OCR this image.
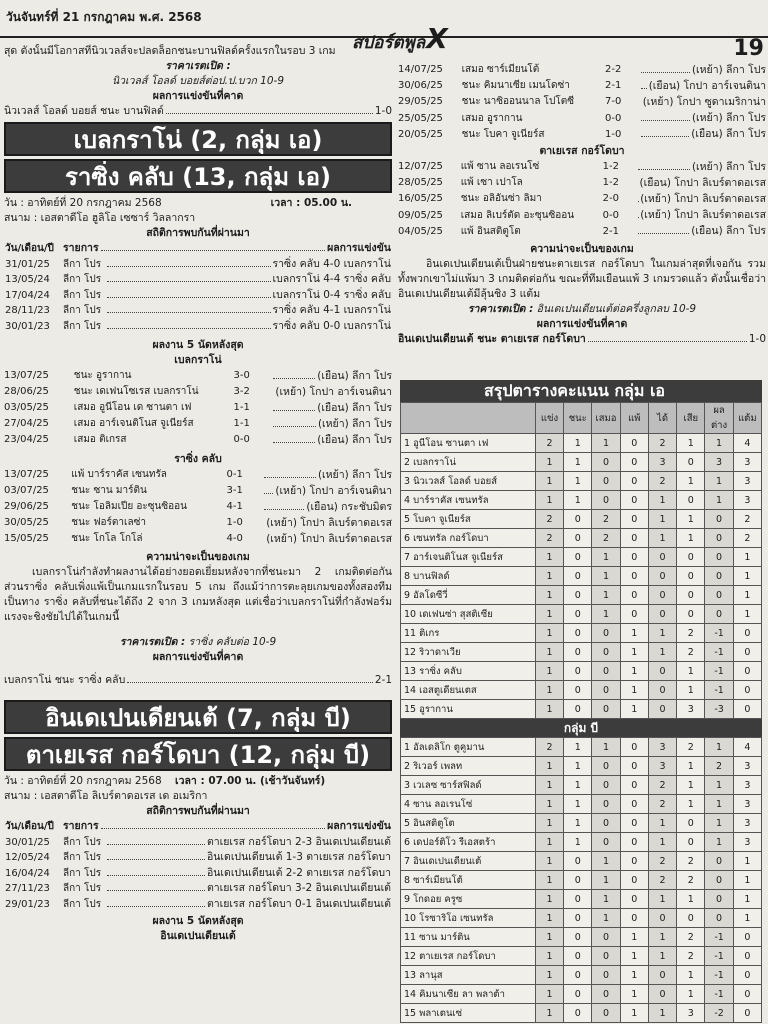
วันจันทร์ที่ 21 กรกฎาคม พ.ศ. 2568
สปอร์ตพูลX	19
สุด ดังนั้นมีโอกาสที่นิวเวลส์จะปลดล็อกชนะบานฟิลด์ครั้งแรกในรอบ 3 เกม
ราคาเรตเปิด :
นิวเวลส์ โอลด์ บอยส์ต่อป.ป.บวก 10-9
ผลการแข่งขันที่คาด
นิวเวลส์ โอลด์ บอยส์ ชนะ บานฟิลด์	1-0
เบลกราโน่ (2, กลุ่ม เอ)
ราซิ่ง คลับ (13, กลุ่ม เอ)
วัน : อาทิตย์ที่ 20 กรกฎาคม 2568	เวลา : 05.00 น.
สนาม : เอสตาดีโอ ฮูลิโอ เซซาร์ วิลลากรา
สถิติการพบกันที่ผ่านมา
วัน/เดือน/ปี	รายการ ผลการแข่งขัน	

31/01/25	ลีกา โปร	ราซิ่ง คลับ 4-0 เบลกราโน่

13/05/24	ลีกา โปร	เบลกราโน่ 4-4 ราซิ่ง คลับ

17/04/24	ลีกา โปร	เบลกราโน่ 0-4 ราซิ่ง คลับ

28/11/23	ลีกา โปร	ราซิ่ง คลับ 4-1 เบลกราโน่

30/01/23	ลีกา โปร	ราซิ่ง คลับ 0-0 เบลกราโน่
ผลงาน 5 นัดหลังสุด
เบลกราโน่
13/07/25	ชนะ อูรากาน	3-0	(เยือน) ลีกา โปร

28/06/25	ชนะ เดเฟนโซเรส เบลกราโน่	3-2	(เหย้า) โกปา อาร์เจนตินา

03/05/25	เสมอ อูนีโอน เด ซานตา เฟ	1-1	(เยือน) ลีกา โปร

27/04/25	เสมอ อาร์เจนติโนส จูเนียร์ส	1-1	(เหย้า) ลีกา โปร

23/04/25	เสมอ ติเกรส	0-0	(เยือน) ลีกา โปร
ราซิ่ง คลับ
13/07/25	แพ้ บาร์ราคัส เซนทรัล	0-1	(เหย้า) ลีกา โปร

03/07/25	ชนะ ซาน มาร์ติน	3-1	(เหย้า) โกปา อาร์เจนตินา

29/06/25	ชนะ โอลิมเปีย อะซุนซิออน	4-1	(เยือน) กระชับมิตร

30/05/25	ชนะ ฟอร์ตาเลซ่า	1-0	(เหย้า) โกปา ลิเบร์ตาดอเรส

15/05/25	ชนะ โกโล โกโล่	4-0	(เหย้า) โกปา ลิเบร์ตาดอเรส
ความน่าจะเป็นของเกม
เบลกราโน่กำลังทำผลงานได้อย่างยอดเยี่ยมหลังจากที่ชนะมา 2 เกมติดต่อกัน ส่วนราซิ่ง คลับเพิ่งแพ้เป็นเกมแรกในรอบ 5 เกม ถึงแม้ว่าการตะลุยเกมของทั้งสองทีมเป็นทาง ราซิ่ง คลับที่ชนะได้ถึง 2 จาก 3 เกมหลังสุด แต่เชื่อว่าเบลกราโน่ที่กำลังฟอร์มแรงจะชิงชัยไปได้ในเกมนี้
ราคาเรตเปิด : ราซิ่ง คลับต่อ 10-9
ผลการแข่งขันที่คาด
เบลกราโน่ ชนะ ราซิ่ง คลับ	2-1
อินเดเปนเดียนเต้ (7, กลุ่ม บี)
ตาเยเรส กอร์โดบา (12, กลุ่ม บี)
วัน : อาทิตย์ที่ 20 กรกฎาคม 2568 เวลา : 07.00 น. (เช้าวันจันทร์)
สนาม : เอสตาดีโอ ลิเบร์ตาดอเรส เด อเมริกา
สถิติการพบกันที่ผ่านมา
วัน/เดือน/ปี	รายการ ผลการแข่งขัน	

30/01/25	ลีกา โปร	ตาเยเรส กอร์โดบา 2-3 อินเดเปนเดียนเต้

12/05/24	ลีกา โปร	อินเดเปนเดียนเต้ 1-3 ตาเยเรส กอร์โดบา

16/04/24	ลีกา โปร	อินเดเปนเดียนเต้ 2-2 ตาเยเรส กอร์โดบา

27/11/23	ลีกา โปร	ตาเยเรส กอร์โดบา 3-2 อินเดเปนเดียนเต้

29/01/23	ลีกา โปร	ตาเยเรส กอร์โดบา 0-1 อินเดเปนเดียนเต้
ผลงาน 5 นัดหลังสุด
อินเดเปนเดียนเต้
14/07/25	เสมอ ซาร์เมียนโต้	2-2	(เหย้า) ลีกา โปร

30/06/25	ชนะ คิมนาเซีย เมนโดซ่า	2-1	(เยือน) โกปา อาร์เจนตินา

29/05/25	ชนะ นาซิออนนาล โปโตซี	7-0	(เหย้า) โกปา ซูดาเมริกาน่า

25/05/25	เสมอ อูรากาน	0-0	(เหย้า) ลีกา โปร

20/05/25	ชนะ โบคา จูเนียร์ส	1-0	(เยือน) ลีกา โปร
ตาเยเรส กอร์โดบา
12/07/25	แพ้ ซาน ลอเรนโซ่	1-2	(เหย้า) ลีกา โปร

28/05/25	แพ้ เซา เปาโล	1-2	(เยือน) โกปา ลิเบร์ตาดอเรส

16/05/25	ชนะ อลิอันซ่า ลิมา	2-0	(เหย้า) โกปา ลิเบร์ตาดอเรส

09/05/25	เสมอ ลิเบร์ตัด อะซุนซิออน	0-0	(เหย้า) โกปา ลิเบร์ตาดอเรส

04/05/25	แพ้ อินสติตูโต	2-1	(เยือน) ลีกา โปร
ความน่าจะเป็นของเกม
อินเดเปนเดียนเต้เป็นฝ่ายชนะตาเยเรส กอร์โดบา ในเกมล่าสุดที่เจอกัน รวมทั้งพวกเขาไม่แพ้มา 3 เกมติดต่อกัน ขณะที่ทีมเยือนแพ้ 3 เกมรวดแล้ว ดังนั้นเชื่อว่าอินเดเปนเดียนเต้มีลุ้นชิง 3 แต้ม
ราคาเรตเปิด : อินเดเปนเดียนเต้ต่อครึ่งลูกลบ 10-9
ผลการแข่งขันที่คาด
อินเดเปนเดียนเต้ ชนะ ตาเยเรส กอร์โดบา	1-0
สรุปตารางคะแนน กลุ่ม เอ
	แข่ง	ชนะ	เสมอ	แพ้	ได้	เสีย	ผลต่าง	แต้ม
1 อูนีโอน ซานตา เฟ	2	1	1	0	2	1	1	4
2 เบลกราโน่	1	1	0	0	3	0	3	3
3 นิวเวลส์ โอลด์ บอยส์	1	1	0	0	2	1	1	3
4 บาร์ราคัส เซนทรัล	1	1	0	0	1	0	1	3
5 โบคา จูเนียร์ส	2	0	2	0	1	1	0	2
6 เซนทรัล กอร์โดบา	2	0	2	0	1	1	0	2
7 อาร์เจนติโนส จูเนียร์ส	1	0	1	0	0	0	0	1
8 บานฟิลด์	1	0	1	0	0	0	0	1
9 อัลโดซีวี่	1	0	1	0	0	0	0	1
10 เดเฟนซ่า สุสติเซีย	1	0	1	0	0	0	0	1
11 ติเกร	1	0	0	1	1	2	-1	0
12 ริวาดาเวีย	1	0	0	1	1	2	-1	0
13 ราซิ่ง คลับ	1	0	0	1	0	1	-1	0
14 เอสตูเดียนเตส	1	0	0	1	0	1	-1	0
15 อูรากาน	1	0	0	1	0	3	-3	0
กลุ่ม บี
1 อัลเดลิโก ตูคูมาน	2	1	1	0	3	2	1	4
2 ริเวอร์ เพลท	1	1	0	0	3	1	2	3
3 เวเลซ ซาร์สฟิลด์	1	1	0	0	2	1	1	3
4 ซาน ลอเรนโซ่	1	1	0	0	2	1	1	3
5 อินสติตูโต	1	1	0	0	1	0	1	3
6 เดปอร์ติโว รีเอสตร้า	1	1	0	0	1	0	1	3
7 อินเดเปนเดียนเต้	1	0	1	0	2	2	0	1
8 ซาร์เมียนโต้	1	0	1	0	2	2	0	1
9 โกดอย ครูซ	1	0	1	0	1	1	0	1
10 โรซาริโอ เซนทรัล	1	0	1	0	0	0	0	1
11 ซาน มาร์ติน	1	0	0	1	1	2	-1	0
12 ตาเยเรส กอร์โดบา	1	0	0	1	1	2	-1	0
13 ลานุส	1	0	0	1	0	1	-1	0
14 คิมนาเซีย ลา พลาต้า	1	0	0	1	0	1	-1	0
15 พลาเตนเซ่	1	0	0	1	1	3	-2	0
